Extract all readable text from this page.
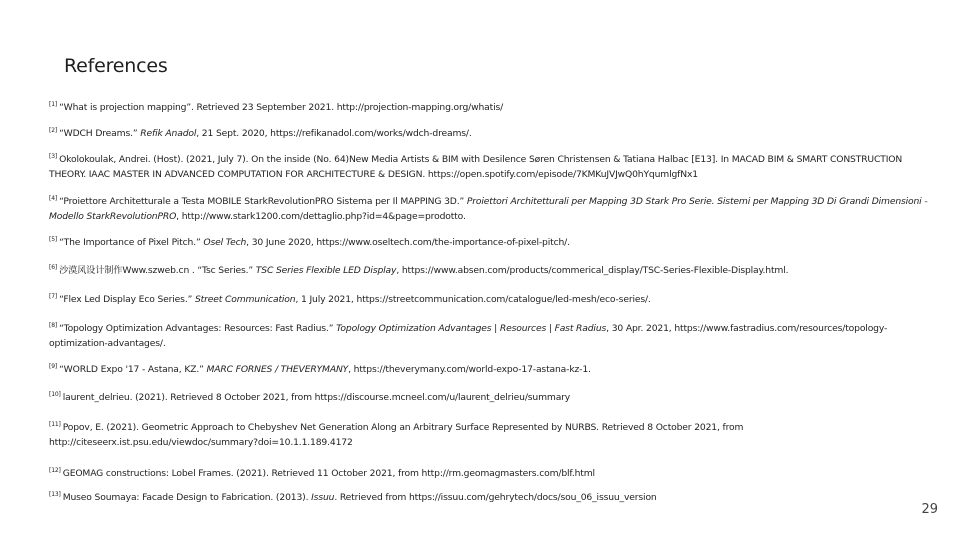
References
[1] “What is projection mapping”. Retrieved 23 September 2021. http://projection-mapping.org/whatis/
[2] “WDCH Dreams.” Refik Anadol, 21 Sept. 2020, https://refikanadol.com/works/wdch-dreams/.
[3] Okolokoulak, Andrei. (Host). (2021, July 7). On the inside (No. 64)New Media Artists & BIM with Desilence Søren Christensen & Tatiana Halbac [E13]. In MACAD BIM & SMART CONSTRUCTION THEORY. IAAC MASTER IN ADVANCED COMPUTATION FOR ARCHITECTURE & DESIGN. https://open.spotify.com/episode/7KMKuJVJwQ0hYqumlgfNx1
[4] “Proiettore Architetturale a Testa MOBILE StarkRevolutionPRO Sistema per Il MAPPING 3D.” Proiettori Architetturali per Mapping 3D Stark Pro Serie. Sistemi per Mapping 3D Di Grandi Dimensioni - Modello StarkRevolutionPRO, http://www.stark1200.com/dettaglio.php?id=4&page=prodotto.
[5] “The Importance of Pixel Pitch.” Osel Tech, 30 June 2020, https://www.oseltech.com/the-importance-of-pixel-pitch/.
[6] 沙漠风设计制作Www.szweb.cn . “Tsc Series.” TSC Series Flexible LED Display, https://www.absen.com/products/commerical_display/TSC-Series-Flexible-Display.html.
[7] “Flex Led Display Eco Series.” Street Communication, 1 July 2021, https://streetcommunication.com/catalogue/led-mesh/eco-series/.
[8] “Topology Optimization Advantages: Resources: Fast Radius.” Topology Optimization Advantages | Resources | Fast Radius, 30 Apr. 2021, https://www.fastradius.com/resources/topology-optimization-advantages/.
[9] “WORLD Expo '17 - Astana, KZ.” MARC FORNES / THEVERYMANY, https://theverymany.com/world-expo-17-astana-kz-1.
[10] laurent_delrieu. (2021). Retrieved 8 October 2021, from https://discourse.mcneel.com/u/laurent_delrieu/summary
[11] Popov, E. (2021). Geometric Approach to Chebyshev Net Generation Along an Arbitrary Surface Represented by NURBS. Retrieved 8 October 2021, from http://citeseerx.ist.psu.edu/viewdoc/summary?doi=10.1.1.189.4172
[12] GEOMAG constructions: Lobel Frames. (2021). Retrieved 11 October 2021, from http://rm.geomagmasters.com/blf.html
[13] Museo Soumaya: Facade Design to Fabrication. (2013). Issuu. Retrieved from https://issuu.com/gehrytech/docs/sou_06_issuu_version
29
